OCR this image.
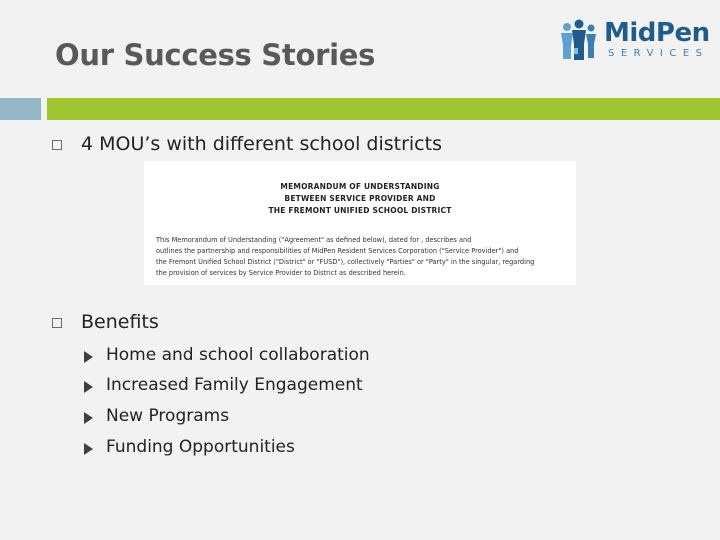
Our Success Stories
MidPen
SERVICES
4 MOU’s with different school districts
MEMORANDUM OF UNDERSTANDING
BETWEEN SERVICE PROVIDER AND
THE FREMONT UNIFIED SCHOOL DISTRICT
This Memorandum of Understanding ("Agreement" as defined below), dated for , describes and
outlines the partnership and responsibilities of MidPen Resident Services Corporation ("Service Provider") and
the Fremont Unified School District ("District" or "FUSD"), collectively "Parties" or "Party" in the singular, regarding
the provision of services by Service Provider to District as described herein.
Benefits
Home and school collaboration
Increased Family Engagement
New Programs
Funding Opportunities
